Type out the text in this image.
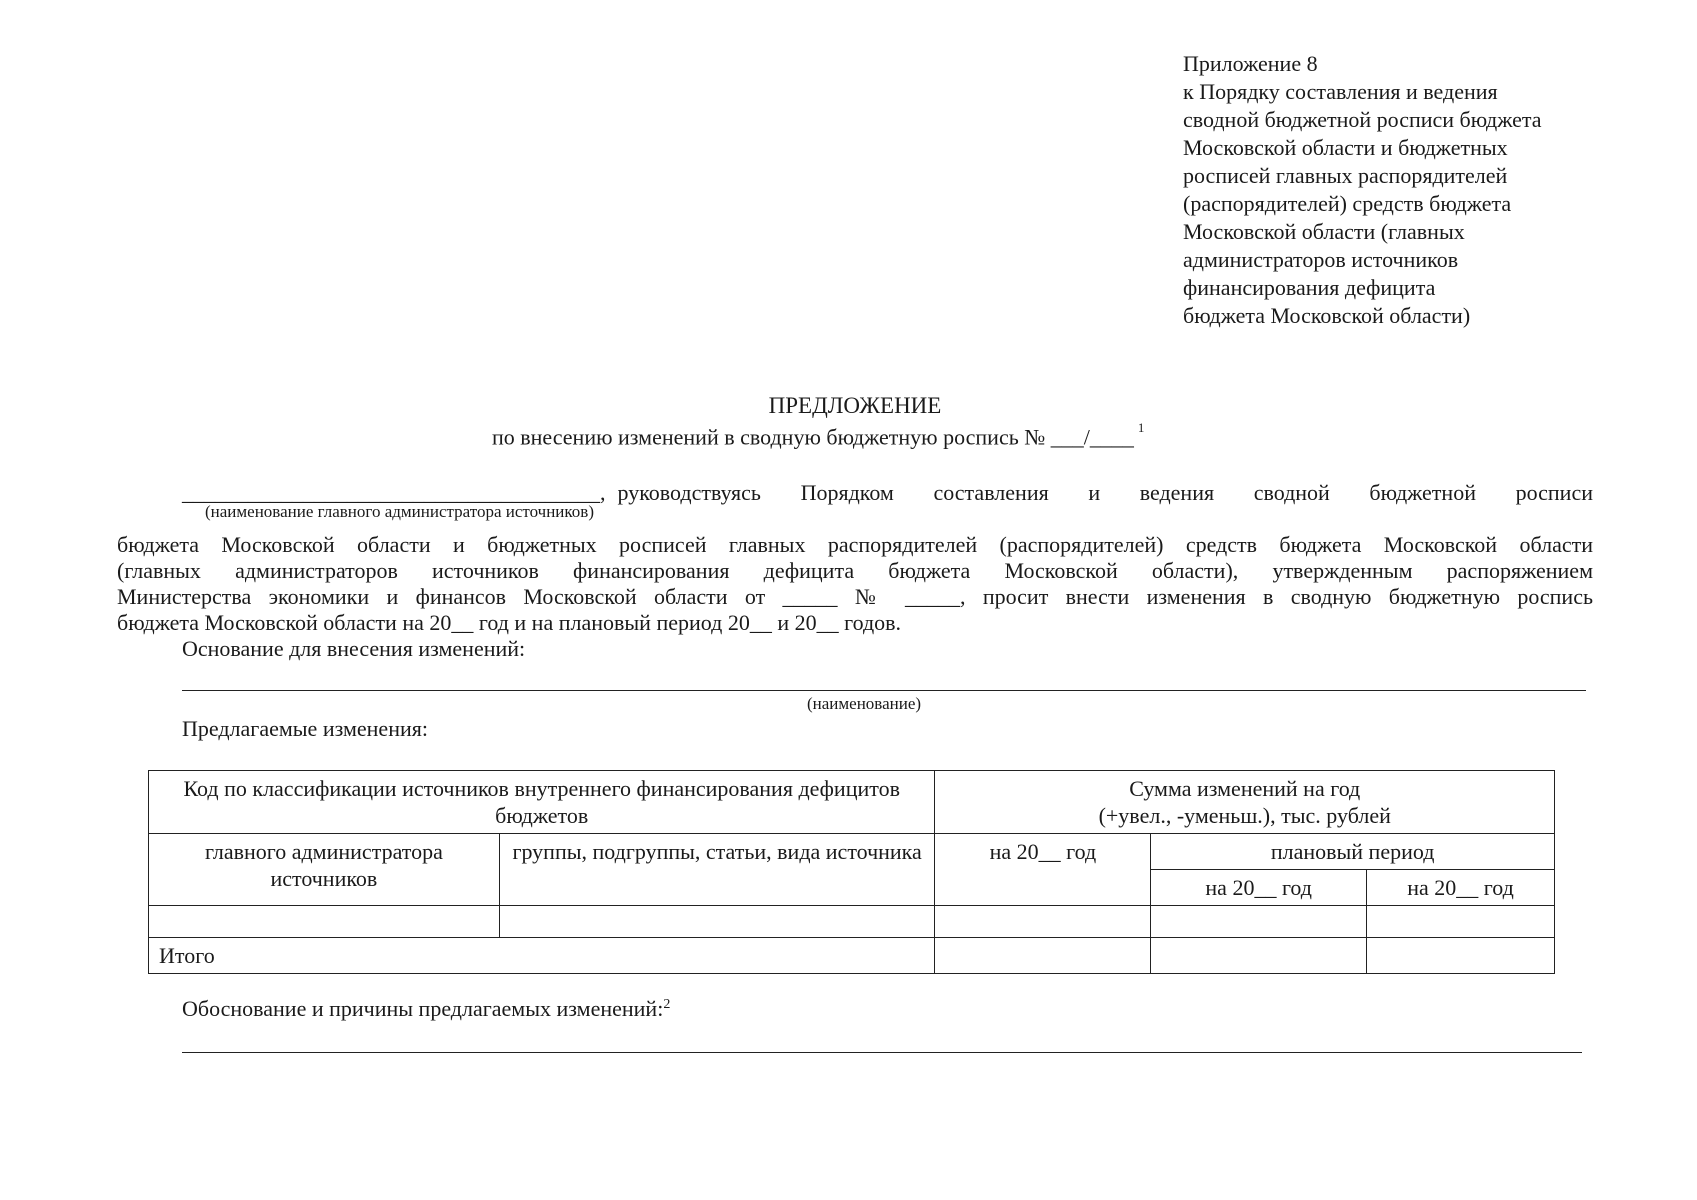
Приложение 8
к Порядку составления и ведения
сводной бюджетной росписи бюджета
Московской области и бюджетных
росписей главных распорядителей
(распорядителей) средств бюджета
Московской области (главных
администраторов источников
финансирования дефицита
бюджета Московской области)
ПРЕДЛОЖЕНИЕ
по внесению изменений в сводную бюджетную роспись № ___/____ $^1$
______________________________________, руководствуясь Порядком составления и ведения сводной бюджетной росписи
(наименование главного администратора источников)
бюджета Московской области и бюджетных росписей главных распорядителей (распорядителей) средств бюджета Московской области
(главных администраторов источников финансирования дефицита бюджета Московской области), утвержденным распоряжением
Министерства экономики и финансов Московской области от _____ № _____, просит внести изменения в сводную бюджетную роспись
бюджета Московской области на 20__ год и на плановый период 20__ и 20__ годов.
Основание для внесения изменений:
(наименование)
Предлагаемые изменения:
Код по классификации источников внутреннего финансирования дефицитов бюджетов		Сумма изменений на год
(+увел., -уменьш.), тыс. рублей		

главного администратора источников	группы, подгруппы, статьи, вида источника	на 20__ год	плановый период	
			на 20__ год	на 20__ год

Итого				
Обоснование и причины предлагаемых изменений:$^2$
